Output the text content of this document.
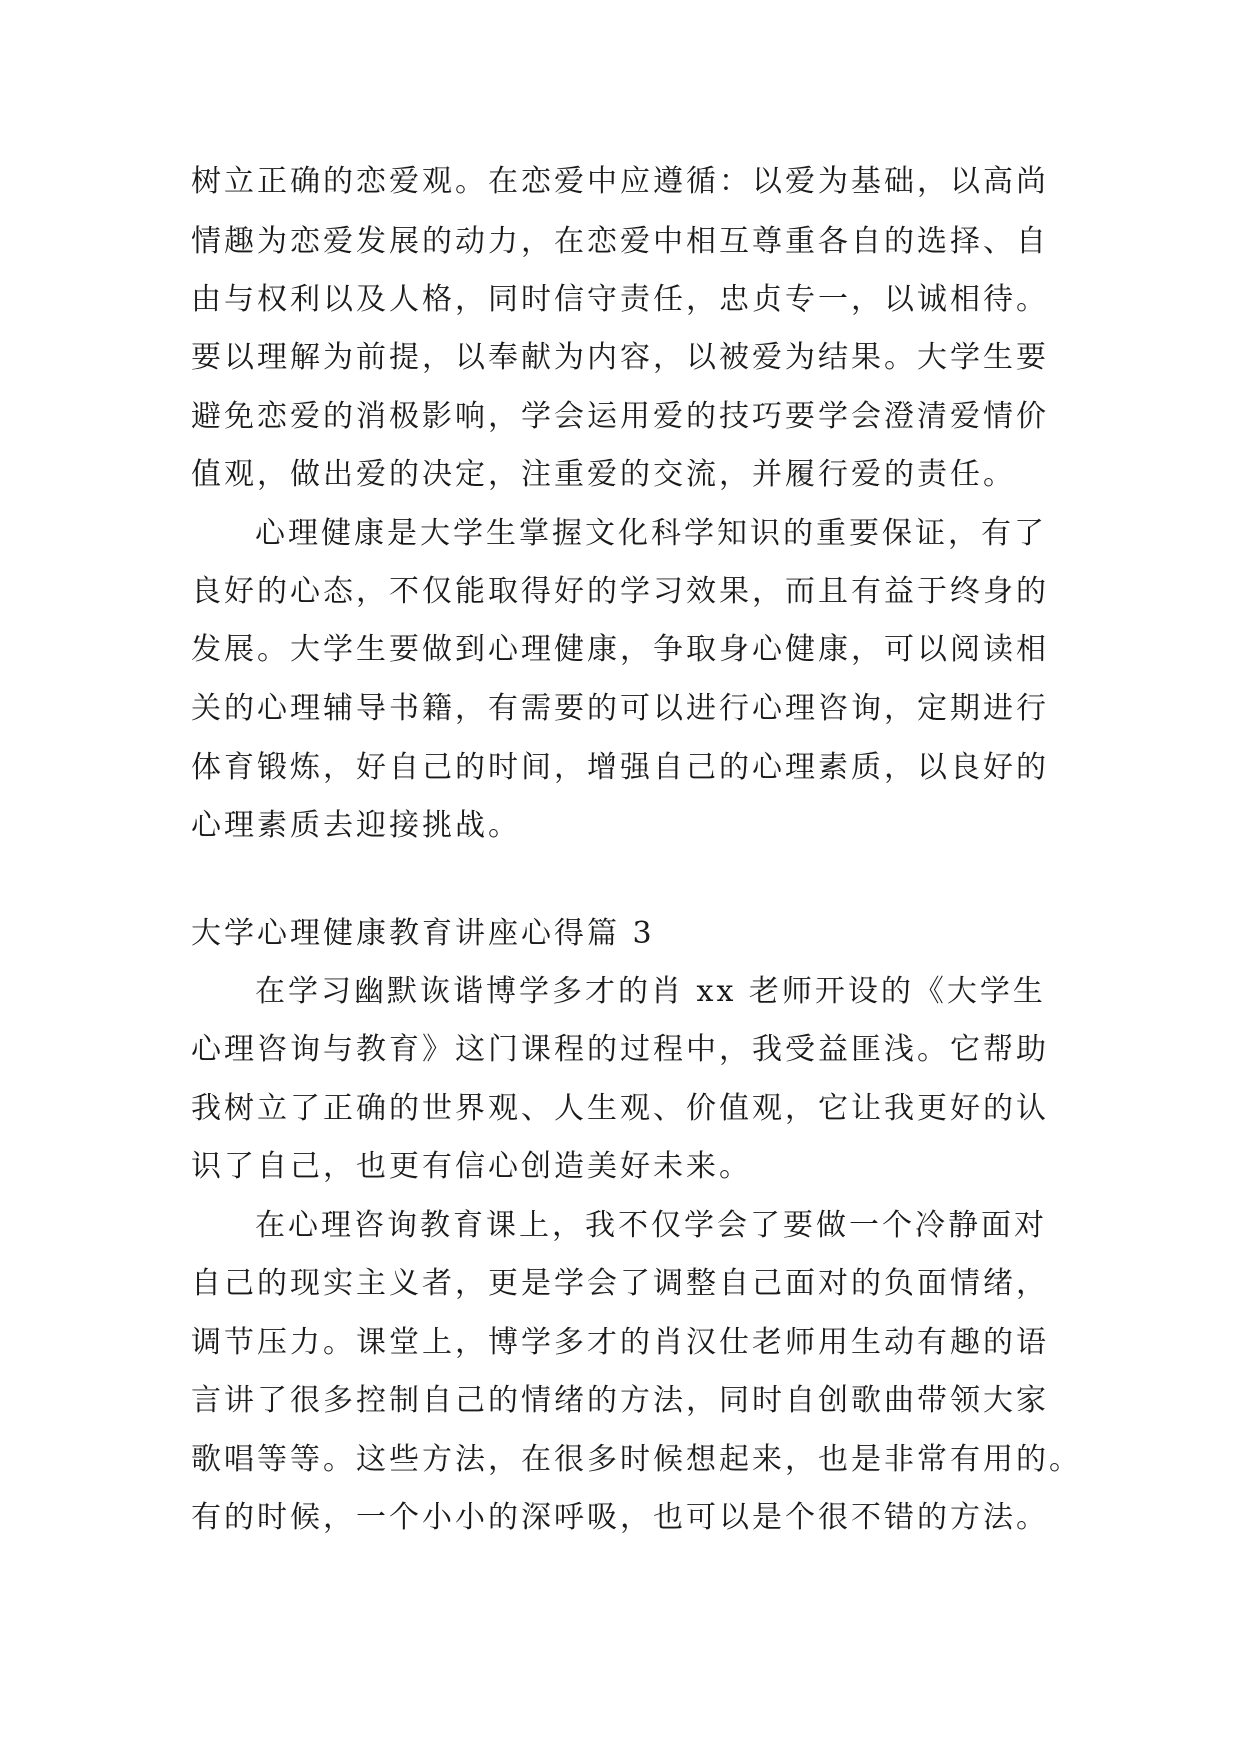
树立正确的恋爱观。在恋爱中应遵循：以爱为基础，以高尚
情趣为恋爱发展的动力，在恋爱中相互尊重各自的选择、自
由与权利以及人格，同时信守责任，忠贞专一，以诚相待。
要以理解为前提，以奉献为内容，以被爱为结果。大学生要
避免恋爱的消极影响，学会运用爱的技巧要学会澄清爱情价
值观，做出爱的决定，注重爱的交流，并履行爱的责任。
心理健康是大学生掌握文化科学知识的重要保证，有了
良好的心态，不仅能取得好的学习效果，而且有益于终身的
发展。大学生要做到心理健康，争取身心健康，可以阅读相
关的心理辅导书籍，有需要的可以进行心理咨询，定期进行
体育锻炼，好自己的时间，增强自己的心理素质，以良好的
心理素质去迎接挑战。
大学心理健康教育讲座心得篇 3
在学习幽默诙谐博学多才的肖 xx 老师开设的《大学生
心理咨询与教育》这门课程的过程中，我受益匪浅。它帮助
我树立了正确的世界观、人生观、价值观，它让我更好的认
识了自己，也更有信心创造美好未来。
在心理咨询教育课上，我不仅学会了要做一个冷静面对
自己的现实主义者，更是学会了调整自己面对的负面情绪，
调节压力。课堂上，博学多才的肖汉仕老师用生动有趣的语
言讲了很多控制自己的情绪的方法，同时自创歌曲带领大家
歌唱等等。这些方法，在很多时候想起来，也是非常有用的。
有的时候，一个小小的深呼吸，也可以是个很不错的方法。
